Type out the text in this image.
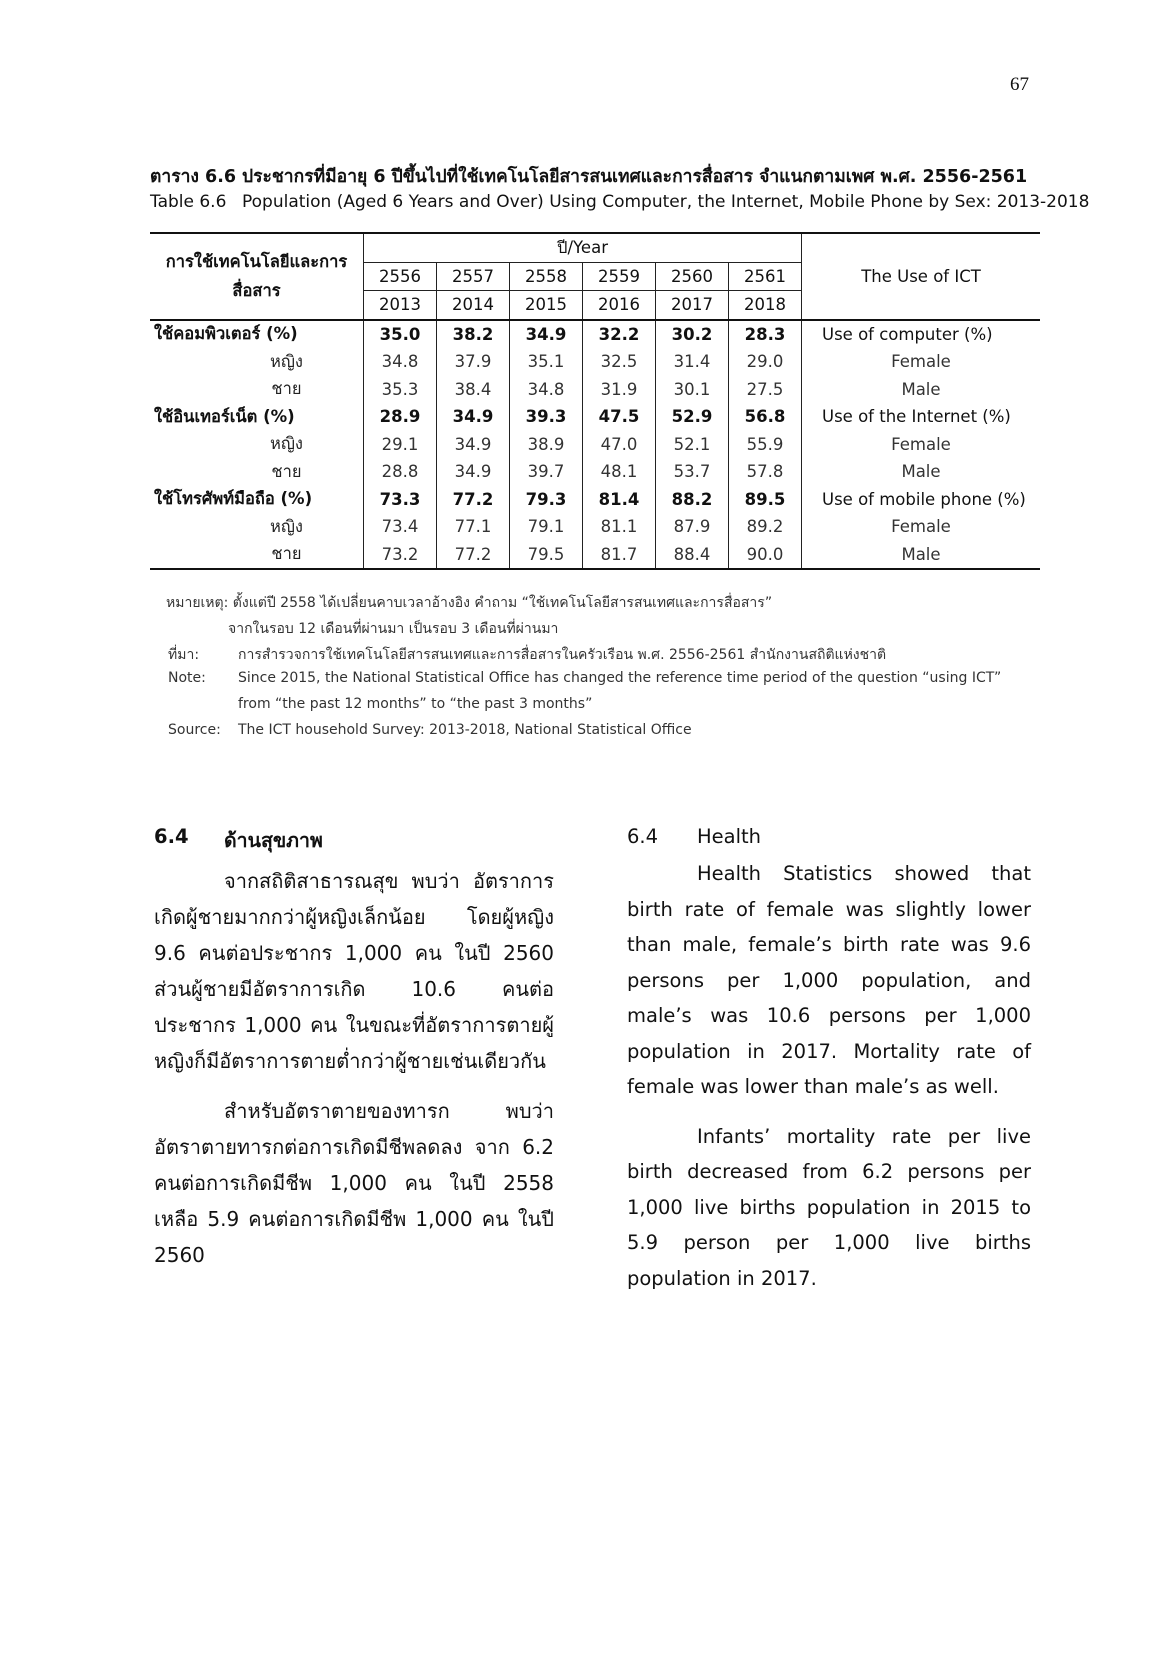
67
ตาราง 6.6 ประชากรที่มีอายุ 6 ปีขึ้นไปที่ใช้เทคโนโลยีสารสนเทศและการสื่อสาร จำแนกตามเพศ พ.ศ. 2556-2561
Table 6.6 Population (Aged 6 Years and Over) Using Computer, the Internet, Mobile Phone by Sex: 2013-2018
การใช้เทคโนโลยีและการสื่อสาร	ปี/Year						The Use of ICT
	2556	2557	2558	2559	2560	2561	
	2013	2014	2015	2016	2017	2018	
ใช้คอมพิวเตอร์ (%)	35.0	38.2	34.9	32.2	30.2	28.3	Use of computer (%)
หญิง	34.8	37.9	35.1	32.5	31.4	29.0	Female
ชาย	35.3	38.4	34.8	31.9	30.1	27.5	Male
ใช้อินเทอร์เน็ต (%)	28.9	34.9	39.3	47.5	52.9	56.8	Use of the Internet (%)
หญิง	29.1	34.9	38.9	47.0	52.1	55.9	Female
ชาย	28.8	34.9	39.7	48.1	53.7	57.8	Male
ใช้โทรศัพท์มือถือ (%)	73.3	77.2	79.3	81.4	88.2	89.5	Use of mobile phone (%)
หญิง	73.4	77.1	79.1	81.1	87.9	89.2	Female
ชาย	73.2	77.2	79.5	81.7	88.4	90.0	Male
หมายเหตุ: ตั้งแต่ปี 2558 ได้เปลี่ยนคาบเวลาอ้างอิง คำถาม “ใช้เทคโนโลยีสารสนเทศและการสื่อสาร”
จากในรอบ 12 เดือนที่ผ่านมา เป็นรอบ 3 เดือนที่ผ่านมา
ที่มา:	การสำรวจการใช้เทคโนโลยีสารสนเทศและการสื่อสารในครัวเรือน พ.ศ. 2556-2561 สำนักงานสถิติแห่งชาติ
Note: Since 2015, the National Statistical Office has changed the reference time period of the question “using ICT”
from “the past 12 months” to “the past 3 months”
Source: The ICT household Survey: 2013-2018, National Statistical Office
6.4 ด้านสุขภาพ

จากสถิติสาธารณสุข พบว่า อัตราการเกิดผู้ชายมากกว่าผู้หญิงเล็กน้อย โดยผู้หญิง 9.6 คนต่อประชากร 1,000 คน ในปี 2560 ส่วนผู้ชายมีอัตราการเกิด 10.6 คนต่อประชากร 1,000 คน ในขณะที่อัตราการตายผู้หญิงก็มีอัตราการตายต่ำกว่าผู้ชายเช่นเดียวกัน

สำหรับอัตราตายของทารก พบว่า อัตราตายทารกต่อการเกิดมีชีพลดลง จาก 6.2 คนต่อการเกิดมีชีพ 1,000 คน ในปี 2558 เหลือ 5.9 คนต่อการเกิดมีชีพ 1,000 คน ในปี 2560

6.4 Health

Health Statistics showed that birth rate of female was slightly lower than male, female’s birth rate was 9.6 persons per 1,000 population, and male’s was 10.6 persons per 1,000 population in 2017. Mortality rate of female was lower than male’s as well.

Infants’ mortality rate per live birth decreased from 6.2 persons per 1,000 live births population in 2015 to 5.9 person per 1,000 live births population in 2017.
